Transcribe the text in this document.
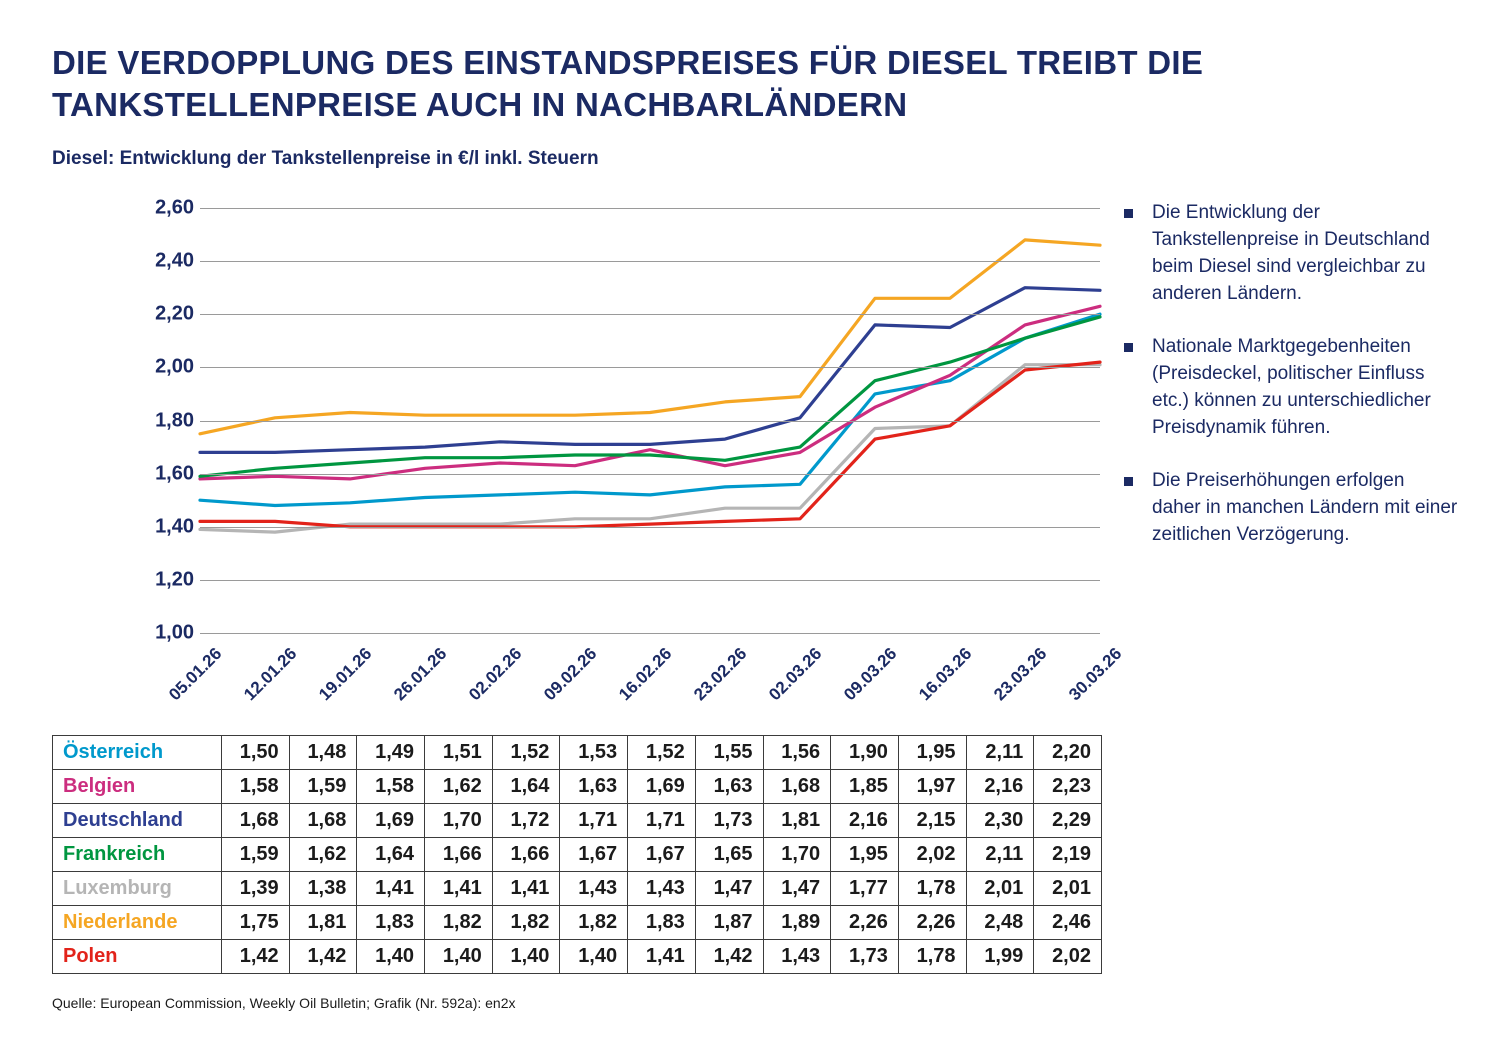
DIE VERDOPPLUNG DES EINSTANDSPREISES FÜR DIESEL TREIBT DIE TANKSTELLENPREISE AUCH IN NACHBARLÄNDERN
Diesel: Entwicklung der Tankstellenpreise in €/l inkl. Steuern
1,00
1,20
1,40
1,60
1,80
2,00
2,20
2,40
2,60
05.01.26 12.01.26 19.01.26 26.01.26 02.02.26 09.02.26 16.02.26 23.02.26 02.03.26 09.03.26 16.03.26 23.03.26 30.03.26
Die Entwicklung der Tankstellenpreise in Deutschland beim Diesel sind vergleichbar zu anderen Ländern.
Nationale Marktgegebenheiten (Preisdeckel, politischer Einfluss etc.) können zu unterschiedlicher Preisdynamik führen.
Die Preiserhöhungen erfolgen daher in manchen Ländern mit einer zeitlichen Verzögerung.
Österreich	1,50	1,48	1,49	1,51	1,52	1,53	1,52	1,55	1,56	1,90	1,95	2,11	2,20
Belgien	1,58	1,59	1,58	1,62	1,64	1,63	1,69	1,63	1,68	1,85	1,97	2,16	2,23
Deutschland	1,68	1,68	1,69	1,70	1,72	1,71	1,71	1,73	1,81	2,16	2,15	2,30	2,29
Frankreich	1,59	1,62	1,64	1,66	1,66	1,67	1,67	1,65	1,70	1,95	2,02	2,11	2,19
Luxemburg	1,39	1,38	1,41	1,41	1,41	1,43	1,43	1,47	1,47	1,77	1,78	2,01	2,01
Niederlande	1,75	1,81	1,83	1,82	1,82	1,82	1,83	1,87	1,89	2,26	2,26	2,48	2,46
Polen	1,42	1,42	1,40	1,40	1,40	1,40	1,41	1,42	1,43	1,73	1,78	1,99	2,02
Quelle: European Commission, Weekly Oil Bulletin; Grafik (Nr. 592a): en2x
